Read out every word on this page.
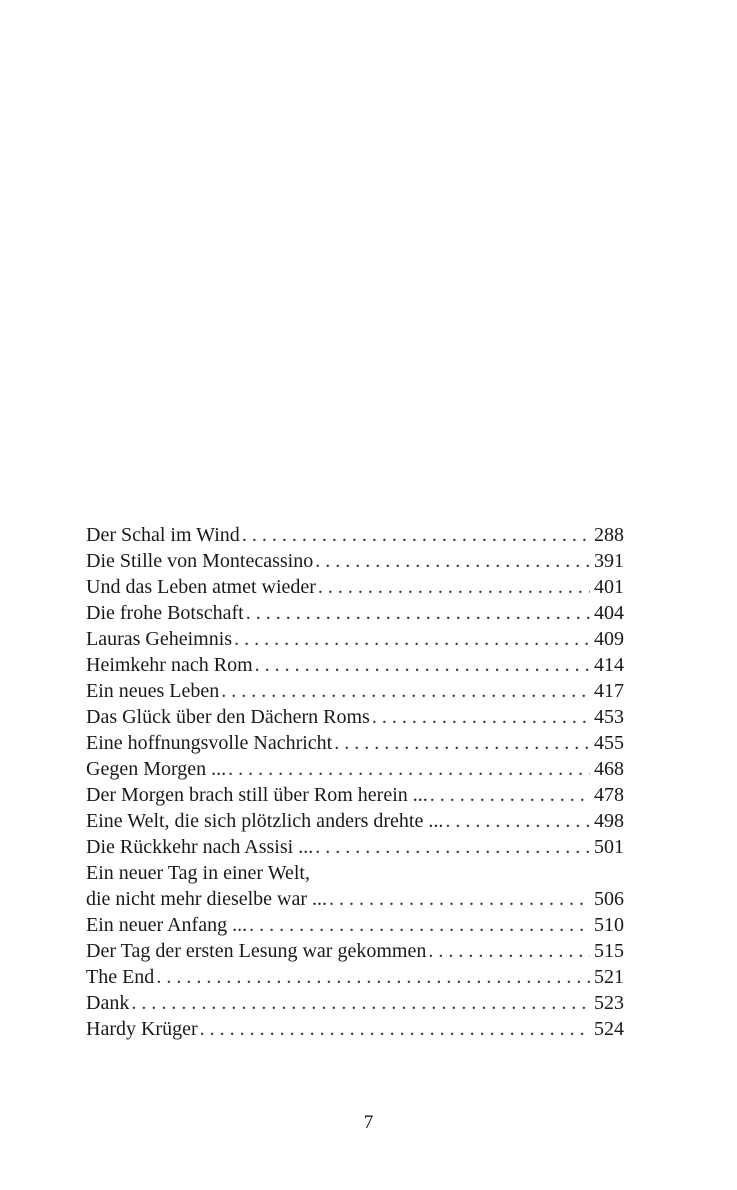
Der Schal im Wind . . .	288
Die Stille von Montecassino . . .	391
Und das Leben atmet wieder . . .	401
Die frohe Botschaft . . .	404
Lauras Geheimnis . . .	409
Heimkehr nach Rom . . .	414
Ein neues Leben . . .	417
Das Glück über den Dächern Roms . . .	453
Eine hoffnungsvolle Nachricht . . .	455
Gegen Morgen ... . . .	468
Der Morgen brach still über Rom herein ... . . .	478
Eine Welt, die sich plötzlich anders drehte ... . . .	498
Die Rückkehr nach Assisi ... . . .	501
Ein neuer Tag in einer Welt,
die nicht mehr dieselbe war ... . . .	506
Ein neuer Anfang ... . . .	510
Der Tag der ersten Lesung war gekommen . . .	515
The End . . .	521
Dank . . .	523
Hardy Krüger . . .	524
7
